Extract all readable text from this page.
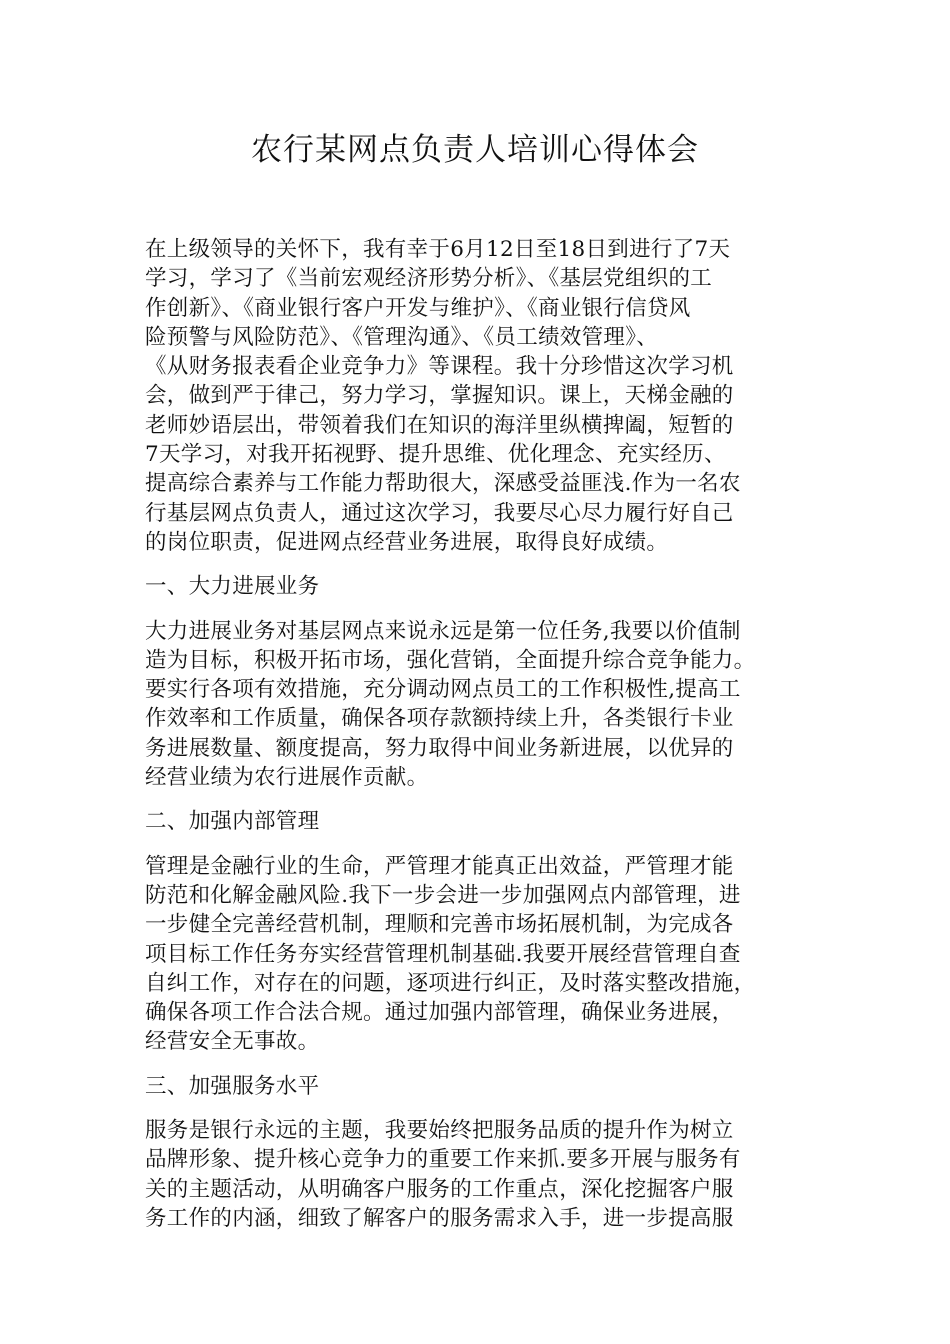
农行某网点负责人培训心得体会
在上级领导的关怀下，我有幸于6月12日至18日到进行了7天
学习，学习了《当前宏观经济形势分析》、《基层党组织的工
作创新》、《商业银行客户开发与维护》、《商业银行信贷风
险预警与风险防范》、《管理沟通》、《员工绩效管理》、
《从财务报表看企业竞争力》等课程。我十分珍惜这次学习机
会，做到严于律己，努力学习，掌握知识。课上，天梯金融的
老师妙语层出，带领着我们在知识的海洋里纵横捭阖，短暂的
7天学习，对我开拓视野、提升思维、优化理念、充实经历、
提高综合素养与工作能力帮助很大，深感受益匪浅.作为一名农
行基层网点负责人，通过这次学习，我要尽心尽力履行好自己
的岗位职责，促进网点经营业务进展，取得良好成绩。
一、大力进展业务
大力进展业务对基层网点来说永远是第一位任务,我要以价值制
造为目标，积极开拓市场，强化营销，全面提升综合竞争能力。
要实行各项有效措施，充分调动网点员工的工作积极性,提高工
作效率和工作质量，确保各项存款额持续上升，各类银行卡业
务进展数量、额度提高，努力取得中间业务新进展，以优异的
经营业绩为农行进展作贡献。
二、加强内部管理
管理是金融行业的生命，严管理才能真正出效益，严管理才能
防范和化解金融风险.我下一步会进一步加强网点内部管理，进
一步健全完善经营机制，理顺和完善市场拓展机制，为完成各
项目标工作任务夯实经营管理机制基础.我要开展经营管理自查
自纠工作，对存在的问题，逐项进行纠正，及时落实整改措施，
确保各项工作合法合规。通过加强内部管理，确保业务进展，
经营安全无事故。
三、加强服务水平
服务是银行永远的主题，我要始终把服务品质的提升作为树立
品牌形象、提升核心竞争力的重要工作来抓.要多开展与服务有
关的主题活动，从明确客户服务的工作重点，深化挖掘客户服
务工作的内涵，细致了解客户的服务需求入手，进一步提高服
